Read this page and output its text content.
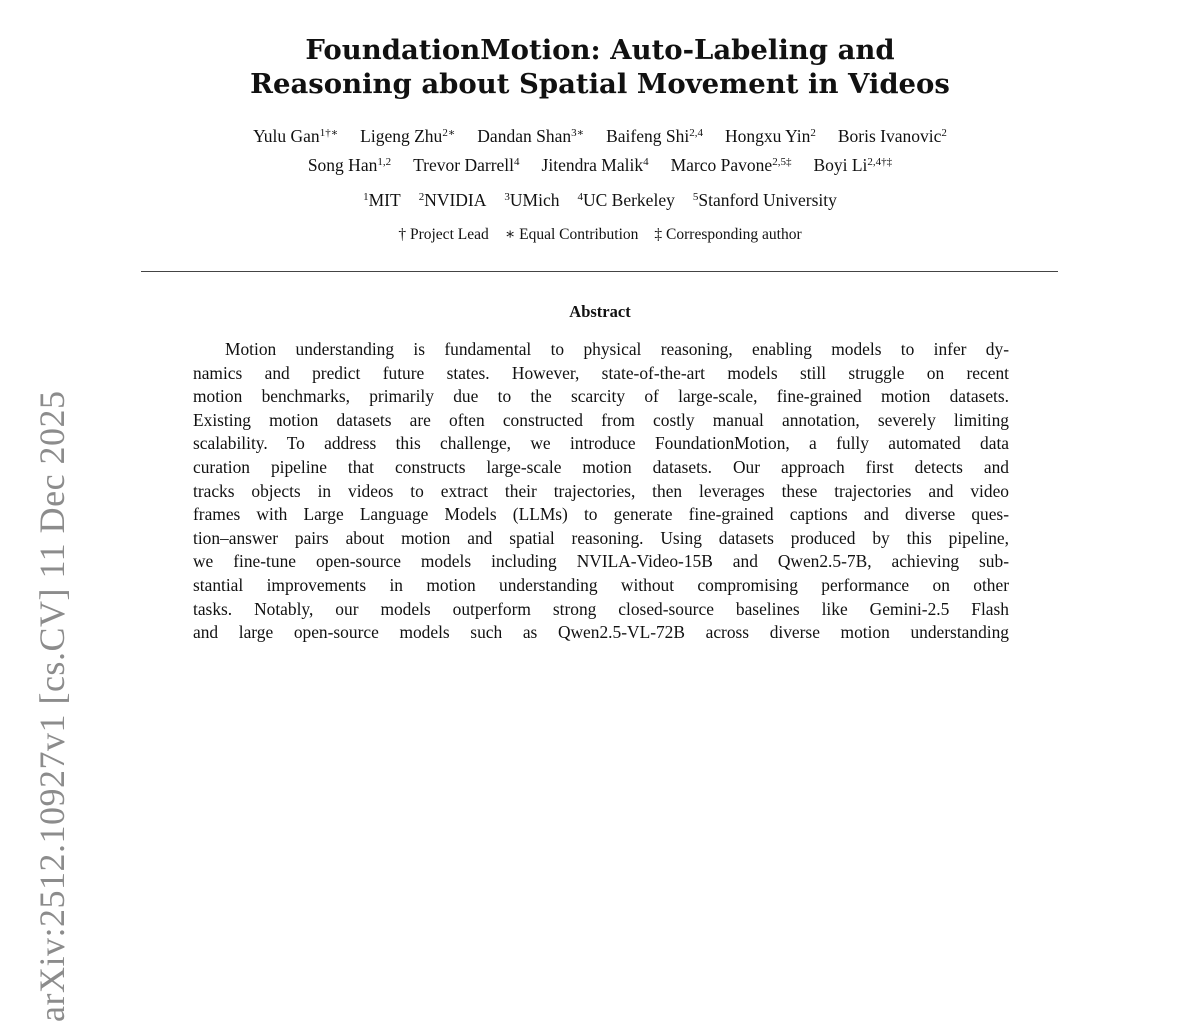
FoundationMotion: Auto-Labeling and
Reasoning about Spatial Movement in Videos
Yulu Gan$^{1\dagger∗}$ Ligeng Zhu$^{2∗}$ Dandan Shan$^{3∗}$ Baifeng Shi$^{2,4}$ Hongxu Yin$^2$ Boris Ivanovic$^2$
Song Han$^{1,2}$ Trevor Darrell$^4$ Jitendra Malik$^4$ Marco Pavone$^{2,5\ddagger}$ Boyi $Li^{2,4\dagger\ddagger}$
$^1$MIT $^2$NVIDIA $^3$UMich $^4$UC Berkeley $^5$Stanford University
† Project Lead ∗ Equal Contribution ‡ Corresponding author
Abstract
Motion understanding is fundamental to physical reasoning, enabling models to infer dy-
namics and predict future states. However, state-of-the-art models still struggle on recent
motion benchmarks, primarily due to the scarcity of large-scale, fine-grained motion datasets.
Existing motion datasets are often constructed from costly manual annotation, severely limiting
scalability. To address this challenge, we introduce FoundationMotion, a fully automated data
curation pipeline that constructs large-scale motion datasets. Our approach first detects and
tracks objects in videos to extract their trajectories, then leverages these trajectories and video
frames with Large Language Models (LLMs) to generate fine-grained captions and diverse ques-
tion–answer pairs about motion and spatial reasoning. Using datasets produced by this pipeline,
we fine-tune open-source models including NVILA-Video-15B and Qwen2.5-7B, achieving sub-
stantial improvements in motion understanding without compromising performance on other
tasks. Notably, our models outperform strong closed-source baselines like Gemini-2.5 Flash
and large open-source models such as Qwen2.5-VL-72B across diverse motion understanding
arXiv:2512.10927v1 [cs.CV] 11 Dec 2025
